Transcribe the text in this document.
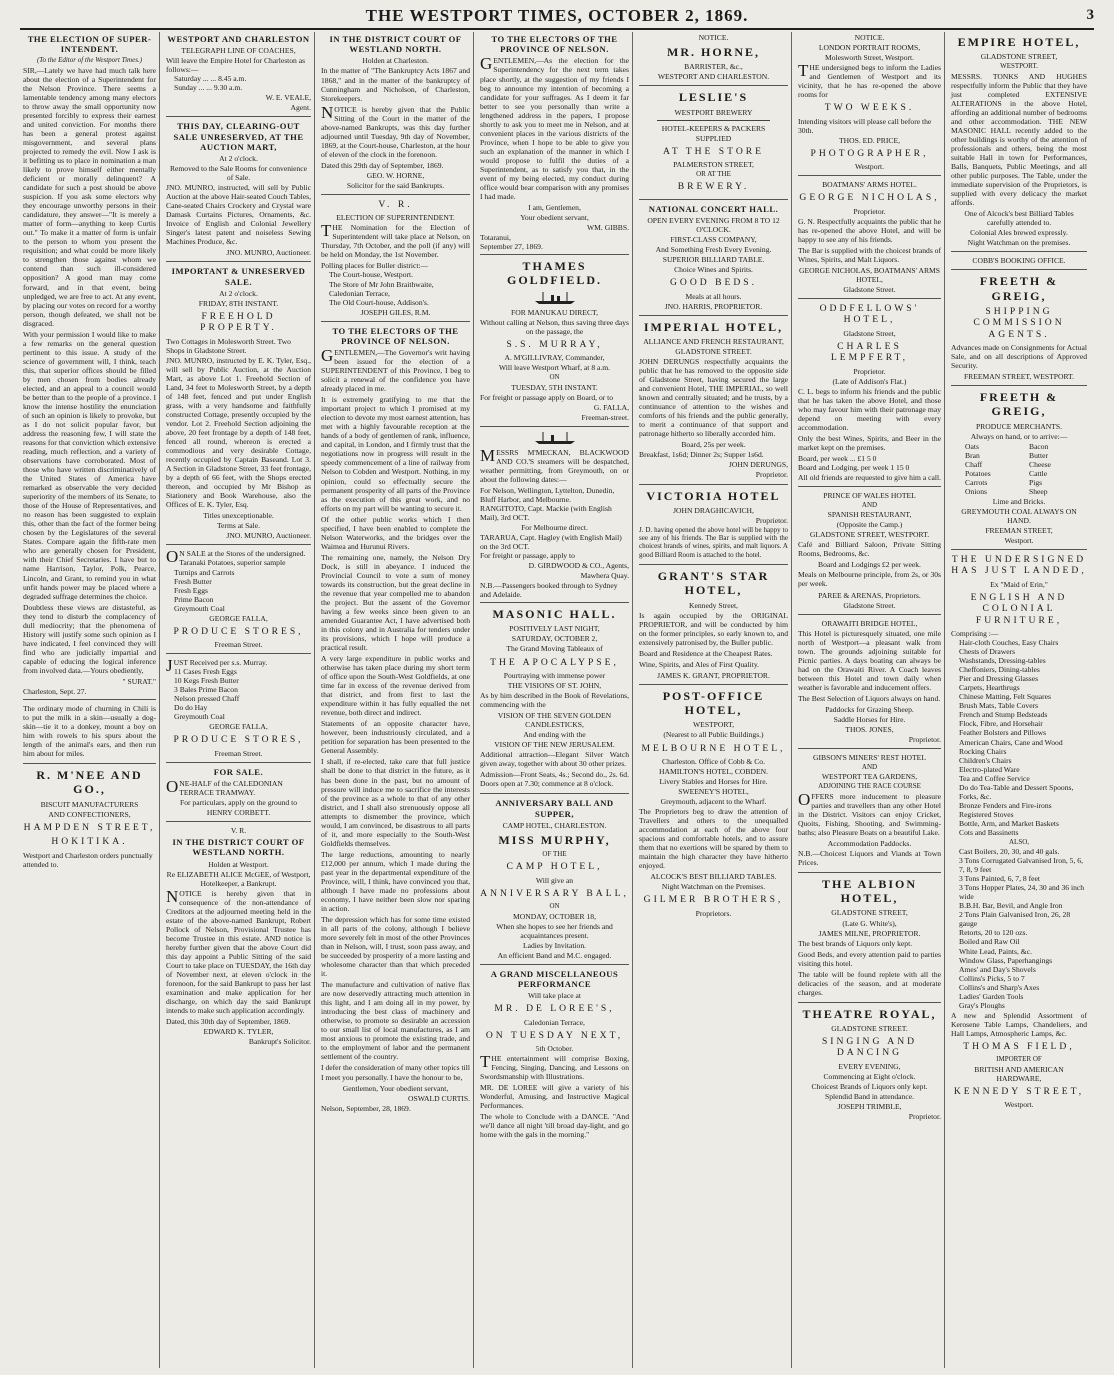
THE WESTPORT TIMES, OCTOBER 2, 1869.	3
THE ELECTION OF SUPER-INTENDENT.
(To the Editor of the Westport Times.)

SIR,—Lately we have had much talk here about the election of a Superintendent for the Nelson Province. There seems a lamentable tendency among many electors to throw away the small opportunity now presented forcibly to express their earnest and united conviction. For months there has been a general protest against misgovernment, and several plans projected to remedy the evil. Now I ask is it befitting us to place in nomination a man likely to prove himself either mentally deficient or morally delinquent? A candidate for such a post should be above suspicion. If you ask some electors why they encourage unworthy persons in their candidature, they answer—"It is merely a matter of form—anything to keep Curtis out." To make it a matter of form is unfair to the person to whom you present the requisition; and what could be more likely to strengthen those against whom we contend than such ill-considered opposition? A good man may come forward, and in that event, being unpledged, we are free to act. At any event, by placing our votes on record for a worthy person, though defeated, we shall not be disgraced.

With your permission I would like to make a few remarks on the general question pertinent to this issue. A study of the science of government will, I think, teach this, that superior offices should be filled by men chosen from bodies already elected, and an appeal to a council would be better than to the people of a province. I know the intense hostility the enunciation of such an opinion is likely to provoke, but as I do not solicit popular favor, but address the reasoning few, I will state the reasons for that conviction which extensive reading, much reflection, and a variety of observations have corroborated. Most of those who have written discriminatively of the United States of America have remarked as observable the very decided superiority of the members of its Senate, to those of the House of Representatives, and no reason has been suggested to explain this, other than the fact of the former being chosen by the Legislatures of the several States. Compare again the fifth-rate men who are generally chosen for President, with their Chief Secretaries. I have but to name Harrison, Taylor, Polk, Pearce, Lincoln, and Grant, to remind you in what unfit hands power may be placed where a degraded suffrage determines the choice.

Doubtless these views are distasteful, as they tend to disturb the complacency of dull mediocrity; that the phenomena of History will justify some such opinion as I have indicated, I feel convinced they will find who are judicially impartial and capable of educing the logical inference from involved data.—Yours obediently,

" SURAT."
Charleston, Sept. 27.

The ordinary mode of churning in Chili is to put the milk in a skin—usually a dog-skin—tie it to a donkey, mount a boy on him with rowels to his spurs about the length of the animal's ears, and then run him about for miles.

R. M'NEE AND GO.,
BISCUIT MANUFACTURERS
AND CONFECTIONERS,
HAMPDEN STREET,
HOKITIKA.
Westport and Charleston orders punctually attended to.
WESTPORT AND CHARLESTON
TELEGRAPH LINE OF COACHES,
Will leave the Empire Hotel for Charleston as follows:—
Saturday ... ... 8.45 a.m.
Sunday ... ... 9.30 a.m.
W. E. VEALE,
Agent.
THIS DAY, CLEARING-OUT SALE UNRESERVED, AT THE AUCTION MART,
At 2 o'clock.
Removed to the Sale Rooms for convenience of Sale.

JNO. MUNRO, instructed, will sell by Public Auction at the above Hair-seated Couch Tables, Cane-seated Chairs Crockery and Crystal ware Damask Curtains Pictures, Ornaments, &c. Invoice of English and Colonial Jewellery Singer's latest patent and noiseless Sewing Machines Produce, &c.

JNO. MUNRO, Auctioneer.
IMPORTANT & UNRESERVED SALE.
At 2 o'clock.
FRIDAY, 8TH INSTANT.
FREEHOLD PROPERTY.
Two Cottages in Molesworth Street. Two Shops in Gladstone Street.

JNO. MUNRO, instructed by E. K. Tyler, Esq., will sell by Public Auction, at the Auction Mart, as above Lot 1. Freehold Section of Land, 34 feet to Molesworth Street, by a depth of 148 feet, fenced and put under English grass, with a very handsome and faithfully constructed Cottage, presently occupied by the vendor. Lot 2. Freehold Section adjoining the above, 20 feet frontage by a depth of 148 feet, fenced all round, whereon is erected a commodious and very desirable Cottage, recently occupied by Captain Baseand. Lot 3. A Section in Gladstone Street, 33 feet frontage, by a depth of 66 feet, with the Shops erected thereon, and occupied by Mr Bishop as Stationery and Book Warehouse, also the Offices of E. K. Tyler, Esq.

Titles unexceptionable.
Terms at Sale.
JNO. MUNRO, Auctioneer.
ON SALE at the Stores of the undersigned.
Taranaki Potatoes, superior sample
Turnips and Carrots
Fresh Butter
Fresh Eggs
Prime Bacon
Greymouth Coal
GEORGE FALLA,
PRODUCE STORES,
Freeman Street.
JUST Received per s.s. Murray.
11 Cases Fresh Eggs
10 Kegs Fresh Butter
3 Bales Prime Bacon
Nelson pressed Chaff
Do do Hay
Greymouth Coal
GEORGE FALLA,
PRODUCE STORES,
Freeman Street.
FOR SALE.
ONE-HALF of the CALEDONIAN TERRACE TRAMWAY.
For particulars, apply on the ground to
HENRY CORBETT.
V. R.
IN THE DISTRICT COURT OF WESTLAND NORTH.
Holden at Westport.
Re ELIZABETH ALICE McGEE, of Westport, Hotelkeeper, a Bankrupt.

NOTICE is hereby given that in consequence of the non-attendance of Creditors at the adjourned meeting held in the estate of the above-named Bankrupt, Robert Pollock of Nelson, Provisional Trustee has become Trustee in this estate. AND notice is hereby further given that the above Court did this day appoint a Public Sitting of the said Court to take place on TUESDAY, the 16th day of November next, at eleven o'clock in the forenoon, for the said Bankrupt to pass her last examination and make application for her discharge, on which day the said Bankrupt intends to make such application accordingly.

Dated, this 30th day of September, 1869.
EDWARD K. TYLER,
Bankrupt's Solicitor.
IN THE DISTRICT COURT OF WESTLAND NORTH.
Holden at Charleston.

In the matter of "The Bankruptcy Acts 1867 and 1868," and in the matter of the bankruptcy of Cunningham and Nicholson, of Charleston, Storekeepers.

NOTICE is hereby given that the Public Sitting of the Court in the matter of the above-named Bankrupts, was this day further adjourned until Tuesday, 9th day of November, 1869, at the Court-house, Charleston, at the hour of eleven of the clock in the forenoon.

Dated this 29th day of September, 1869.
GEO. W. HORNE,
Solicitor for the said Bankrupts.
V. R.
ELECTION OF SUPERINTENDENT.

THE Nomination for the Election of Superintendent will take place at Nelson, on Thursday, 7th October, and the poll (if any) will be held on Monday, the 1st November.

Polling places for Buller district:—
The Court-house, Westport.
The Store of Mr John Braithwaite, Caledonian Terrace,
The Old Court-house, Addison's.
JOSEPH GILES, R.M.
TO THE ELECTORS OF THE PROVINCE OF NELSON.

GENTLEMEN,—The Governor's writ having been issued for the election of a SUPERINTENDENT of this Province, I beg to solicit a renewal of the confidence you have already placed in me.

It is extremely gratifying to me that the important project to which I promised at my election to devote my most earnest attention, has met with a highly favourable reception at the hands of a body of gentlemen of rank, influence, and capital, in London, and I firmly trust that the negotiations now in progress will result in the speedy commencement of a line of railway from Nelson to Cobden and Westport. Nothing, in my opinion, could so effectually secure the permanent prosperity of all parts of the Province as the execution of this great work, and no efforts on my part will be wanting to secure it.

Of the other public works which I then specified, I have been enabled to complete the Nelson Waterworks, and the bridges over the Waimea and Hurunui Rivers.

The remaining one, namely, the Nelson Dry Dock, is still in abeyance. I induced the Provincial Council to vote a sum of money towards its construction, but the great decline in the revenue that year compelled me to abandon the project. But the assent of the Governor having a few weeks since been given to an amended Guarantee Act, I have advertised both in this colony and in Australia for tenders under its provisions, which I hope will produce a practical result.

A very large expenditure in public works and otherwise has taken place during my short term of office upon the South-West Goldfields, at one time far in excess of the revenue derived from that district, and from first to last the expenditure within it has fully equalled the net revenue, both direct and indirect.

Statements of an opposite character have, however, been industriously circulated, and a petition for separation has been presented to the General Assembly.

I shall, if re-elected, take care that full justice shall be done to that district in the future, as it has been done in the past, but no amount of pressure will induce me to sacrifice the interests of the province as a whole to that of any other district, and I shall also strenuously oppose all attempts to dismember the province, which would, I am convinced, be disastrous to all parts of it, and more especially to the South-West Goldfields themselves.

The large reductions, amounting to nearly £12,000 per annum, which I made during the past year in the departmental expenditure of the Province, will, I think, have convinced you that, although I have made no professions about economy, I have neither been slow nor sparing in action.

The depression which has for some time existed in all parts of the colony, although I believe more severely felt in most of the other Provinces than in Nelson, will, I trust, soon pass away, and be succeeded by prosperity of a more lasting and wholesome character than that which preceded it.

The manufacture and cultivation of native flax are now deservedly attracting much attention in this light, and I am doing all in my power, by introducing the best class of machinery and otherwise, to promote so desirable an accession to our small list of local manufactures, as I am most anxious to promote the existing trade, and to the employment of labor and the permanent settlement of the country.

I defer the consideration of many other topics till I meet you personally. I have the honour to be,

Gentlemen, Your obedient servant,
OSWALD CURTIS.
Nelson, September, 28, 1869.
TO THE ELECTORS OF THE PROVINCE OF NELSON.

GENTLEMEN,—As the election for the Superintendency for the next term takes place shortly, at the suggestion of my friends I beg to announce my intention of becoming a candidate for your suffrages. As I deem it far better to see you personally than write a lengthened address in the papers, I propose shortly to ask you to meet me in Nelson, and at convenient places in the various districts of the Province, when I hope to be able to give you such an explanation of the manner in which I would propose to fulfil the duties of a Superintendent, as to satisfy you that, in the event of my being elected, my conduct during office would bear comparison with any promises I had made.

I am, Gentlemen,
Your obedient servant,
WM. GIBBS.
Totaranui,
September 27, 1869.
THAMES GOLDFIELD.
FOR MANUKAU DIRECT,
Without calling at Nelson, thus saving three days on the passage, the
S.S. MURRAY,
A. M'GILLIVRAY, Commander,
Will leave Westport Wharf, at 8 a.m.
ON
TUESDAY, 5TH INSTANT.
For freight or passage apply on Board, or to
G. FALLA,
Freeman-street.

MESSRS M'MECKAN, BLACKWOOD AND CO.'S steamers will be despatched, weather permitting, from Greymouth, on or about the following dates:—

For Nelson, Wellington, Lyttelton, Dunedin, Bluff Harbor, and Melbourne.
RANGITOTO, Capt. Mackie (with English Mail), 3rd OCT.
For Melbourne direct.
TARARUA, Capt. Hagley (with English Mail) on the 3rd OCT.
For freight or passage, apply to
D. GIRDWOOD & CO., Agents,
Mawhera Quay.
N.B.—Passengers booked through to Sydney and Adelaide.
MASONIC HALL.
POSITIVELY LAST NIGHT,
SATURDAY, OCTOBER 2,
The Grand Moving Tableaux of
THE APOCALYPSE,
Pourtraying with immense power
THE VISIONS OF ST. JOHN,

As by him described in the Book of Revelations, commencing with the

VISION OF THE SEVEN GOLDEN CANDLESTICKS,
And ending with the
VISION OF THE NEW JERUSALEM.

Additional attraction—Elegant Silver Watch given away, together with about 30 other prizes.

Admission—Front Seats, 4s.; Second do., 2s. 6d. Doors open at 7.30; commence at 8 o'clock.

ANNIVERSARY BALL AND SUPPER,
CAMP HOTEL, CHARLESTON.
MISS MURPHY,
OF THE
CAMP HOTEL,
Will give an
ANNIVERSARY BALL,
ON
MONDAY, OCTOBER 18,
When she hopes to see her friends and acquaintances present.
Ladies by Invitation.
An efficient Band and M.C. engaged.
A GRAND MISCELLANEOUS PERFORMANCE
Will take place at
MR. DE LOREE'S,
Caledonian Terrace,
ON TUESDAY NEXT,
5th October.

THE entertainment will comprise Boxing, Fencing, Singing, Dancing, and Lessons on Swordsmanship with Illustrations.

MR. DE LOREE will give a variety of his Wonderful, Amusing, and Instructive Magical Performances.

The whole to Conclude with a DANCE. "And we'll dance all night 'till broad day-light, and go home with the gals in the morning."

NOTICE.
MR. HORNE,
BARRISTER, &c.,
WESTPORT AND CHARLESTON.
LESLIE'S
WESTPORT BREWERY
HOTEL-KEEPERS & PACKERS
SUPPLIED
AT THE STORE
PALMERSTON STREET,
OR AT THE
BREWERY.
NATIONAL CONCERT HALL.
OPEN EVERY EVENING FROM 8 TO 12 O'CLOCK.
FIRST-CLASS COMPANY,
And Something Fresh Every Evening.
SUPERIOR BILLIARD TABLE.
Choice Wines and Spirits.
GOOD BEDS.
Meals at all hours.
JNO. HARRIS, PROPRIETOR.
IMPERIAL HOTEL,
ALLIANCE AND FRENCH RESTAURANT,
GLADSTONE STREET.

JOHN DERUNGS respectfully acquaints the public that he has removed to the opposite side of Gladstone Street, having secured the large and convenient Hotel, THE IMPERIAL, so well known and centrally situated; and he trusts, by a continuance of attention to the wishes and comforts of his friends and the public generally, to merit a continuance of that support and patronage hitherto so liberally accorded him.

Board, 25s per week.
Breakfast, 1s6d; Dinner 2s; Supper 1s6d.
JOHN DERUNGS,
Proprietor.
VICTORIA HOTEL
JOHN DRAGHICAVICH,
Proprietor.

J. D. having opened the above hotel will be happy to see any of his friends. The Bar is supplied with the choicest brands of wines, spirits, and malt liquors. A good Billiard Room is attached to the hotel.

GRANT'S STAR HOTEL,
Kennedy Street,

Is again occupied by the ORIGINAL PROPRIETOR, and will be conducted by him on the former principles, so early known to, and extensively patronised by, the Buller public.

Board and Residence at the Cheapest Rates.

Wine, Spirits, and Ales of First Quality.

JAMES K. GRANT, PROPRIETOR.
POST-OFFICE HOTEL,
WESTPORT,
(Nearest to all Public Buildings.)
MELBOURNE HOTEL,
Charleston. Office of Cobb & Co.
HAMILTON'S HOTEL, COBDEN.
Livery Stables and Horses for Hire.
SWEENEY'S HOTEL,
Greymouth, adjacent to the Wharf.

The Proprietors beg to draw the attention of Travellers and others to the unequalled accommodation at each of the above four spacious and comfortable hotels, and to assure them that no exertions will be spared by them to maintain the high character they have hitherto enjoyed.

ALCOCK'S BEST BILLIARD TABLES.
Night Watchman on the Premises.
GILMER BROTHERS,
Proprietors.
NOTICE.
LONDON PORTRAIT ROOMS,
Molesworth Street, Westport.

THE undersigned begs to inform the Ladies and Gentlemen of Westport and its vicinity, that he has re-opened the above rooms for

TWO WEEKS.
Intending visitors will please call before the 30th.
THOS. ED. PRICE,
PHOTOGRAPHER,
Westport.
BOATMANS' ARMS HOTEL.
GEORGE NICHOLAS,
Proprietor.

G. N. Respectfully acquaints the public that he has re-opened the above Hotel, and will be happy to see any of his friends.

The Bar is supplied with the choicest brands of Wines, Spirits, and Malt Liquors.

GEORGE NICHOLAS, BOATMANS' ARMS HOTEL,
Gladstone Street.
ODDFELLOWS' HOTEL,
Gladstone Street,
CHARLES LEMPFERT,
Proprietor.
(Late of Addison's Flat.)

C. L. begs to inform his friends and the public that he has taken the above Hotel, and those who may favour him with their patronage may depend on meeting with every accommodation.

Only the best Wines, Spirits, and Beer in the market kept on the premises.

Board, per week ... £1 5 0
Board and Lodging, per week 1 15 0
All old friends are requested to give him a call.
PRINCE OF WALES HOTEL
AND
SPANISH RESTAURANT,
(Opposite the Camp.)
GLADSTONE STREET, WESTPORT.

Café and Billiard Saloon, Private Sitting Rooms, Bedrooms, &c.

Board and Lodgings £2 per week.

Meals on Melbourne principle, from 2s, or 30s per week.

PAREE & ARENAS, Proprietors.
Gladstone Street.
ORAWAITI BRIDGE HOTEL,

This Hotel is picturesquely situated, one mile north of Westport—a pleasant walk from town. The grounds adjoining suitable for Picnic parties. A days boating can always be had on the Orawaiti River. A Coach leaves between this Hotel and town daily when weather is favorable and inducement offers.

The Best Selection of Liquors always on hand.

Paddocks for Grazing Sheep.
Saddle Horses for Hire.
THOS. JONES,
Proprietor.
GIBSON'S MINERS' REST HOTEL
AND
WESTPORT TEA GARDENS,
ADJOINING THE RACE COURSE

OFFERS more inducement to pleasure parties and travellers than any other Hotel in the District. Visitors can enjoy Cricket, Quoits, Fishing, Shooting, and Swimming-baths; also Pleasure Boats on a beautiful Lake.

Accommodation Paddocks.

N.B.—Choicest Liquors and Viands at Town Prices.

THE ALBION HOTEL,
GLADSTONE STREET,
(Late G. White's),
JAMES MILNE, PROPRIETOR.

The best brands of Liquors only kept.

Good Beds, and every attention paid to parties visiting this hotel.

The table will be found replete with all the delicacies of the season, and at moderate charges.

THEATRE ROYAL,
GLADSTONE STREET.
SINGING AND DANCING
EVERY EVENING,
Commencing at Eight o'clock.
Choicest Brands of Liquors only kept.
Splendid Band in attendance.
JOSEPH TRIMBLE,
Proprietor.
EMPIRE HOTEL,
GLADSTONE STREET,
WESTPORT.

MESSRS. TONKS AND HUGHES respectfully inform the Public that they have just completed EXTENSIVE ALTERATIONS in the above Hotel, affording an additional number of bedrooms and other accommodation. THE NEW MASONIC HALL recently added to the other buildings is worthy of the attention of professionals and others, being the most suitable Hall in town for Performances, Balls, Banquets, Public Meetings, and all other public purposes. The Table, under the immediate supervision of the Proprietors, is supplied with every delicacy the market affords.

One of Alcock's best Billiard Tables carefully attended to.
Colonial Ales brewed expressly.
Night Watchman on the premises.
COBB'S BOOKING OFFICE.
FREETH & GREIG,
SHIPPING COMMISSION AGENTS.

Advances made on Consignments for Actual Sale, and on all descriptions of Approved Security.

FREEMAN STREET, WESTPORT.
FREETH & GREIG,
PRODUCE MERCHANTS.
Always on hand, or to arrive:—
Oats
Bran
Chaff
Potatoes
Carrots
Onions
Bacon
Butter
Cheese
Cattle
Pigs
Sheep
Lime and Bricks.
GREYMOUTH COAL ALWAYS ON HAND.
FREEMAN STREET,
Westport.
THE UNDERSIGNED HAS JUST LANDED,
Ex "Maid of Erin,"
ENGLISH AND COLONIAL FURNITURE,
Comprising :—
Hair-cloth Couches, Easy Chairs
Chests of Drawers
Washstands, Dressing-tables
Cheffoniers, Dining-tables
Pier and Dressing Glasses
Carpets, Hearthrugs
Chinese Matting, Felt Squares
Brush Mats, Table Covers
French and Stump Bedsteads
Flock, Fibre, and Horsehair
Feather Bolsters and Pillows
American Chairs, Cane and Wood
Rocking Chairs
Children's Chairs
Electro-plated Ware
Tea and Coffee Service
Do do Tea-Table and Dessert Spoons, Forks, &c.
Bronze Fenders and Fire-irons
Registered Stoves
Bottle, Arm, and Market Baskets
Cots and Bassinetts
ALSO,
Cast Boilers, 20, 30, and 40 gals.
3 Tons Corrugated Galvanised Iron, 5, 6, 7, 8, 9 feet
3 Tons Painted, 6, 7, 8 feet
3 Tons Hopper Plates, 24, 30 and 36 inch wide
B.B.H. Bar, Bevil, and Angle Iron
2 Tons Plain Galvanised Iron, 26, 28 gauge
Retorts, 20 to 120 ozs.
Boiled and Raw Oil
White Lead, Paints, &c.
Window Glass, Paperhangings
Ames' and Day's Shovels
Collins's Picks, 5 to 7
Collins's and Sharp's Axes
Ladies' Garden Tools
Gray's Ploughs

A new and Splendid Assortment of Kerosene Table Lamps, Chandeliers, and Hall Lamps, Atmospheric Lamps, &c.

THOMAS FIELD,
IMPORTER OF
BRITISH AND AMERICAN HARDWARE,
KENNEDY STREET,
Westport.
